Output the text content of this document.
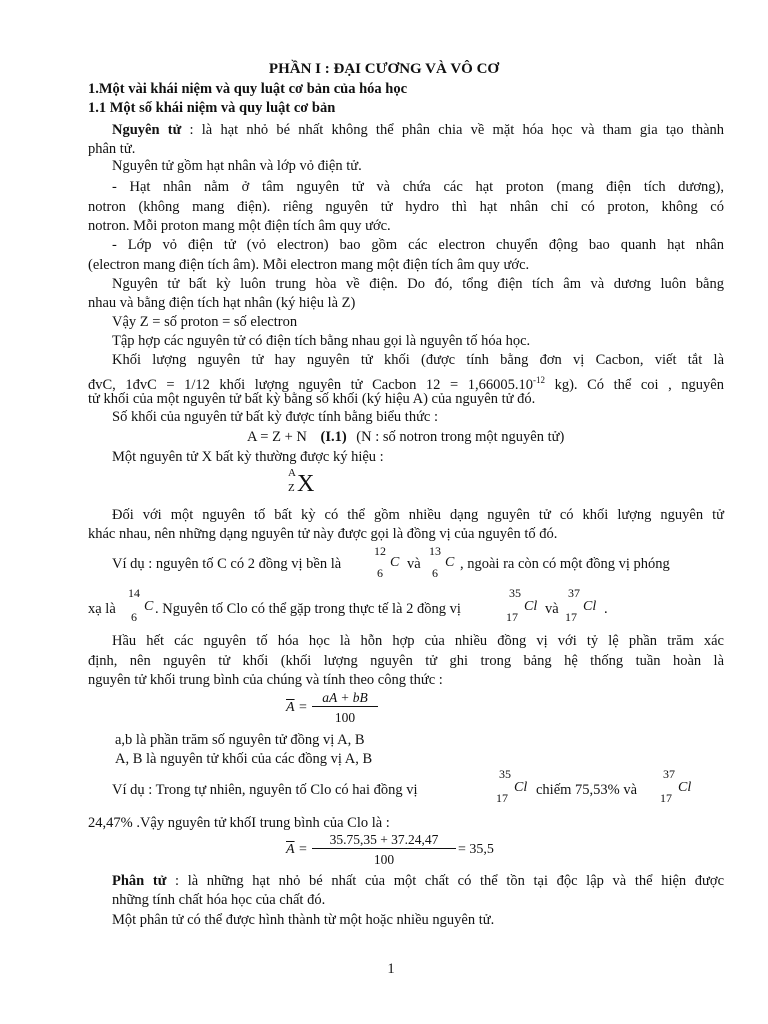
PHẦN I : ĐẠI CƯƠNG VÀ VÔ CƠ
1.Một vài khái niệm và quy luật cơ bản của hóa học
1.1 Một số khái niệm và quy luật cơ bản
Nguyên tử : là hạt nhỏ bé nhất không thể phân chia về mặt hóa học và tham gia tạo thành
phân tử.
Nguyên tử gồm hạt nhân và lớp vỏ điện tử.
- Hạt nhân nằm ở tâm nguyên tử và chứa các hạt proton (mang điện tích dương),
notron (không mang điện). riêng nguyên tử hydro thì hạt nhân chỉ có proton, không có
notron. Mỗi proton mang một điện tích âm quy ước.
- Lớp vỏ điện tử (vỏ electron) bao gồm các electron chuyển động bao quanh hạt nhân
(electron mang điện tích âm). Mỗi electron mang một điện tích âm quy ước.
Nguyên tử bất kỳ luôn trung hòa về điện. Do đó, tổng điện tích âm và dương luôn bằng
nhau và bằng điện tích hạt nhân (ký hiệu là Z)
Vậy Z = số proton = số electron
Tập hợp các nguyên tử có điện tích bằng nhau gọi là nguyên tố hóa học.
Khối lượng nguyên tử hay nguyên tử khối (được tính bằng đơn vị Cacbon, viết tắt là
đvC, 1đvC = 1/12 khối lượng nguyên tử Cacbon $12 = 1,66005.10^{-12}$ kg). Có thể coi , nguyên
tử khối của một nguyên tử bất kỳ bằng số khối (ký hiệu A) của nguyên tử đó.
Số khối của nguyên tử bất kỳ được tính bằng biểu thức :
A = Z + N (I.1) (N : số notron trong một nguyên tử)
Một nguyên tử X bất kỳ thường được ký hiệu :
A
Z X
Đối với một nguyên tố bất kỳ có thể gồm nhiều dạng nguyên tử có khối lượng nguyên tử
khác nhau, nên những dạng nguyên tử này được gọi là đồng vị của nguyên tố đó.
Ví dụ : nguyên tố C có 2 đồng vị bền là
12
6
C và
13
6
C , ngoài ra còn có một đồng vị phóng
xạ là
14
6
C . Nguyên tố Clo có thể gặp trong thực tế là 2 đồng vị
35
17
Cl và
37
17
Cl .
Hầu hết các nguyên tố hóa học là hỗn hợp của nhiều đồng vị với tỷ lệ phần trăm xác
định, nên nguyên tử khối (khối lượng nguyên tử ghi trong bảng hệ thống tuần hoàn là
nguyên tử khối trung bình của chúng và tính theo công thức :
$\overline{A} = \frac{aA + bB}{100}$
a,b là phần trăm số nguyên tử đồng vị A, B
A, B là nguyên tử khối của các đồng vị A, B
Ví dụ : Trong tự nhiên, nguyên tố Clo có hai đồng vị
35
17
Cl chiếm 75,53% và
37
17
Cl
24,47% .Vậy nguyên tử khốI trung bình của Clo là :
$\overline{A} = \frac{35.75,35 + 37.24,47}{100} = 35,5$
Phân tử : là những hạt nhỏ bé nhất của một chất có thể tồn tại độc lập và thể hiện được
những tính chất hóa học của chất đó.
Một phân tử có thể được hình thành từ một hoặc nhiều nguyên tử.
1
